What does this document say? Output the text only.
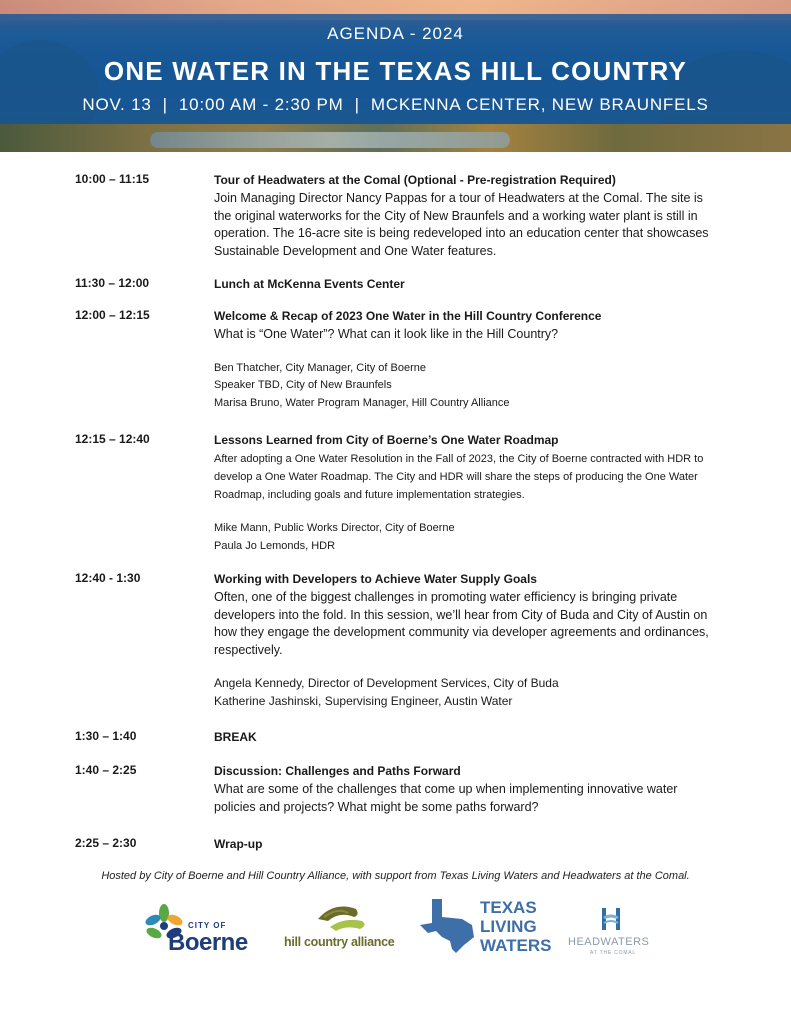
AGENDA - 2024
ONE WATER IN THE TEXAS HILL COUNTRY
NOV. 13  |  10:00 AM - 2:30 PM  |  MCKENNA CENTER, NEW BRAUNFELS
10:00 – 11:15	Tour of Headwaters at the Comal (Optional - Pre-registration Required)
Join Managing Director Nancy Pappas for a tour of Headwaters at the Comal. The site is the original waterworks for the City of New Braunfels and a working water plant is still in operation. The 16-acre site is being redeveloped into an education center that showcases Sustainable Development and One Water features.
11:30 – 12:00	Lunch at McKenna Events Center
12:00 – 12:15	Welcome & Recap of 2023 One Water in the Hill Country Conference
What is “One Water”? What can it look like in the Hill Country?
Ben Thatcher, City Manager, City of Boerne
Speaker TBD, City of New Braunfels
Marisa Bruno, Water Program Manager, Hill Country Alliance
12:15 – 12:40	Lessons Learned from City of Boerne’s One Water Roadmap
After adopting a One Water Resolution in the Fall of 2023, the City of Boerne contracted with HDR to develop a One Water Roadmap. The City and HDR will share the steps of producing the One Water Roadmap, including goals and future implementation strategies.
Mike Mann, Public Works Director, City of Boerne
Paula Jo Lemonds, HDR
12:40 - 1:30	Working with Developers to Achieve Water Supply Goals
Often, one of the biggest challenges in promoting water efficiency is bringing private developers into the fold. In this session, we’ll hear from City of Buda and City of Austin on how they engage the development community via developer agreements and ordinances, respectively.
Angela Kennedy, Director of Development Services, City of Buda
Katherine Jashinski, Supervising Engineer, Austin Water
1:30 – 1:40	BREAK
1:40 – 2:25	Discussion: Challenges and Paths Forward
What are some of the challenges that come up when implementing innovative water policies and projects? What might be some paths forward?
2:25 – 2:30	Wrap-up
Hosted by City of Boerne and Hill Country Alliance, with support from Texas Living Waters and Headwaters at the Comal.
CITY OF
Boerne	hill country alliance
TEXAS
LIVING
WATERS HEADWATERS
AT THE COMAL
